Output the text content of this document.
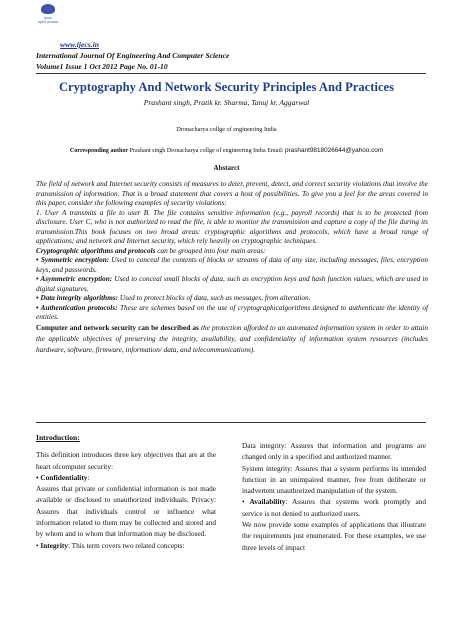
ijecs
open access
www.ijecs.in
International Journal Of Engineering And Computer Science
Volume1 Issue 1 Oct 2012 Page No. 01-10
Cryptography And Network Security Principles And Practices
Prashant singh, Pratik kr. Sharma, Tanuj kr. Aggarwal
Dronacharya collge of engineering India
Corresponding author Prashant singh Dronacharya collge of engineering India Email: prashant9818026644@yahoo.com
Abstarct

The field of network and Internet security consists of measures to deter, prevent, detect, and correct security violations that involve the transmission of information. That is a broad statement that covers a host of possibilities. To give you a feel for the areas covered in this paper, consider the following examples of security violations:

1. User A transmits a file to user B. The file contains sensitive information (e.g., payroll records) that is to be protected from disclosure. User C, who is not authorized to read the file, is able to monitor the transmission and capture a copy of the file during its transmission.This book focuses on two broad areas: cryptographic algorithms and protocols, which have a broad range of applications; and network and Internet security, which rely heavily on cryptographic techniques.

Cryptographic algorithms and protocols can be grouped into four main areas:

• Symmetric encryption: Used to conceal the contents of blocks or streams of data of any size, including messages, files, encryption keys, and passwords.

• Asymmetric encryption: Used to conceal small blocks of data, such as encryption keys and hash function values, which are used in digital signatures.

• Data integrity algorithms: Used to protect blocks of data, such as messages, from alteration.

• Authentication protocols: These are schemes based on the use of cryptographicalgorithms designed to authenticate the identity of entities.

Computer and network security can be described as the protection afforded to an automated information system in order to attain the applicable objectives of preserving the integrity, availability, and confidentiality of information system resources (includes hardware, software, firmware, information/ data, and telecommunications).

Introduction:

This definition introduces three key objectives that are at the heart ofcomputer security:

• Confidentiality:

Assures that private or confidential information is not made available or disclosed to unauthorized individuals. Privacy: Assures that individuals control or influence what information related to them may be collected and stored and by whom and to whom that information may be disclosed.

• Integrity: This term covers two related concepts:

Data integrity: Assures that information and programs are changed only in a specified and authorized manner.

System integrity: Assures that a system performs its intended function in an unimpaired manner, free from deliberate or inadvertent unauthorized manipulation of the system.

• Availability: Assures that systems work promptly and service is not denied to authorized users.

We now provide some examples of applications that illustrate the requirements just enumerated. For these examples, we use three levels of impact
